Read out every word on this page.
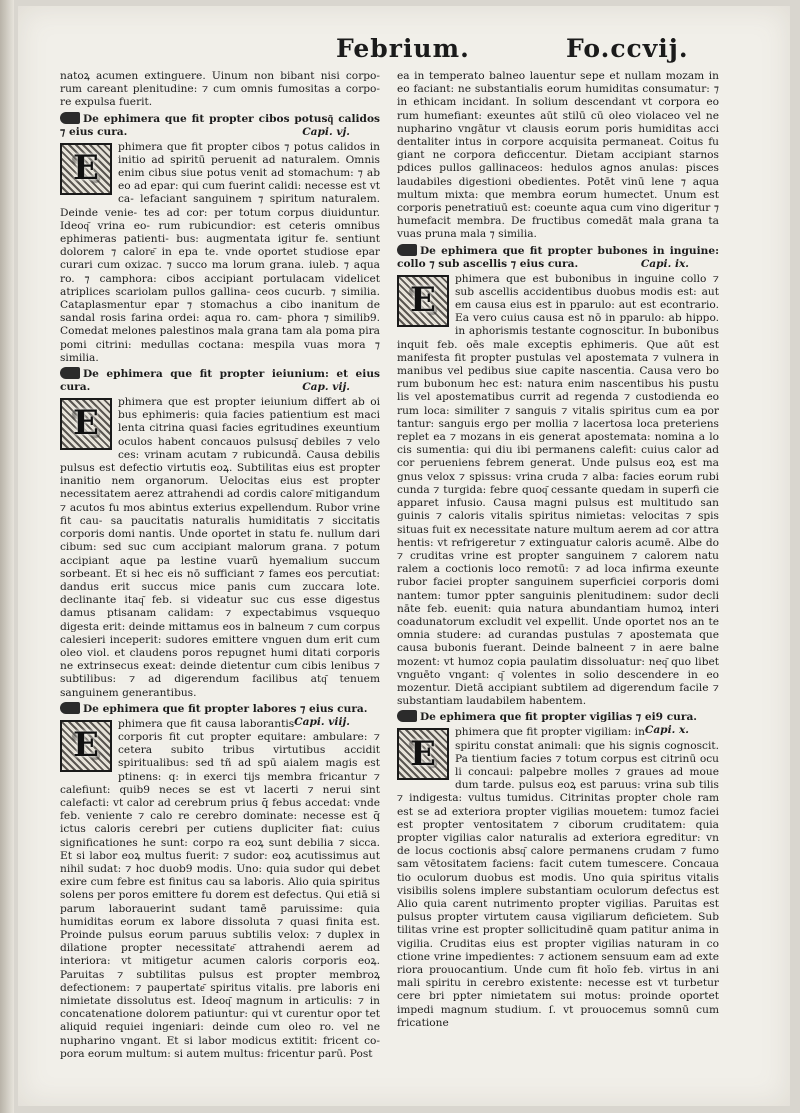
Febrium.	Fo.ccvij.

natoꝝ acumen extinguere. Uinum non bibant nisi corpo‑ rum careant plenitudine: ⁊ cum omnis fumositas a corpo‑ re expulsa fuerit.

De ephimera que fit propter cibos potusq͂ calidos ⁊ eius cura.	Capi. vj.
E

phimera que fit propter cibos ⁊ potus calidos in initio ad spiritū peruenit ad naturalem. Omnis enim cibus siue potus venit ad stomachum: ⁊ ab eo ad epar: qui cum fuerint calidi: necesse est vt ca‑ lefaciant sanguinem ⁊ spiritum naturalem. Deinde venie‑ tes ad cor: per totum corpus diuiduntur. Ideoq͂ vrina eo‑ rum rubicundior: est ceteris omnibus ephimeras patienti‑ bus: augmentata igitur fe. sentiunt dolorem ⁊ calore͂ in epa te. vnde oportet studiose epar curari cum oxizac. ⁊ succo ma lorum grana. iuleb. ⁊ aqua ro. ⁊ camphora: cibos accipiant portulacam videlicet atriplices scariolam pullos gallina‑ ceos cucurb. ⁊ similia. Cataplasmentur epar ⁊ stomachus a cibo inanitum de sandal rosis farina ordei: aqua ro. cam‑ phora ⁊ similib9. Comedat melones palestinos mala grana tam ala poma pira pomi citrini: medullas coctana: mespila vuas mora ⁊ similia.

De ephimera que fit propter ieiunium: et eius cura.	Cap. vij.
E

phimera que est propter ieiunium differt ab oi bus ephimeris: quia facies patientium est maci lenta citrina quasi facies egritudines exeuntium oculos habent concauos pulsusq͂ debiles ⁊ velo ces: vrinam acutam ⁊ rubicundā. Causa debilis pulsus est defectio virtutis eoꝝ. Subtilitas eius est propter inanitio nem organorum. Uelocitas eius est propter necessitatem aerez attrahendi ad cordis calore͂ mitigandum ⁊ acutos fu mos abintus exterius expellendum. Rubor vrine fit cau‑ sa paucitatis naturalis humiditatis ⁊ siccitatis corporis domi nantis. Unde oportet in statu fe. nullum dari cibum: sed suc cum accipiant malorum grana. ⁊ potum accipiant aque pa lestine vuarū hyemalium succum sorbeant. Et si hec eis nō sufficiant ⁊ fames eos percutiat: dandus erit succus mice panis cum zuccara lote. declinante itaq͂ feb. si videatur suc cus esse digestus damus ptisanam calidam: ⁊ expectabimus vsquequo digesta erit: deinde mittamus eos in balneum ⁊ cum corpus calesieri inceperit: sudores emittere vnguen dum erit cum oleo viol. et claudens poros repugnet humi ditati corporis ne extrinsecus exeat: deinde dietentur cum cibis lenibus ⁊ subtilibus: ⁊ ad digerendum facilibus atq͂ tenuem sanguinem generantibus.

De ephimera que fit propter labores ⁊ eius cura.
Capi. viij.
E

phimera que fit causa laborantis corporis fit cut propter equitare: ambulare: ⁊ cetera subito tribus virtutibus accidit spiritualibus: sed tñ ad spū aialem magis est ptinens: q: in exerci tijs membra fricantur ⁊ calefiunt: quib9 neces se est vt lacerti ⁊ nerui sint calefacti: vt calor ad cerebrum prius q̄ febus accedat: vnde feb. veniente ⁊ calo re cerebro dominate: necesse est q̄ ictus caloris cerebri per cutiens dupliciter fiat: cuius significationes he sunt: corpo ra eoꝝ sunt debilia ⁊ sicca. Et si labor eoꝝ multus fuerit: ⁊ sudor: eoꝝ acutissimus aut nihil sudat: ⁊ hoc duob9 modis. Uno: quia sudor qui debet exire cum febre est finitus cau sa laboris. Alio quia spiritus solens per poros emittere fu dorem est defectus. Qui etiā si parum laborauerint sudant tamē paruissime: quia humiditas eorum ex labore dissoluta ⁊ quasi finita est. Proinde pulsus eorum paruus subtilis velox: ⁊ duplex in dilatione propter necessitate͂ attrahendi aerem ad interiora: vt mitigetur acumen caloris corporis eoꝝ. Paruitas ⁊ subtilitas pulsus est propter membroꝝ defectionem: ⁊ paupertate͂ spiritus vitalis. pre laboris eni nimietate dissolutus est. Ideoq͂ magnum in articulis: ⁊ in concatenatione dolorem patiuntur: qui vt curentur opor tet aliquid requiei ingeniari: deinde cum oleo ro. vel ne nupharino vngant. Et si labor modicus extitit: fricent co‑ pora eorum multum: si autem multus: fricentur parū. Post

ea in temperato balneo lauentur sepe et nullam mozam in eo faciant: ne substantialis eorum humiditas consumatur: ⁊ in ethicam incidant. In solium descendant vt corpora eo rum humefiant: exeuntes aūt stilū cū oleo violaceo vel ne nupharino vngātur vt clausis eorum poris humiditas acci dentaliter intus in corpore acquisita permaneat. Coitus fu giant ne corpora deficcentur. Dietam accipiant starnos pdices pullos gallinaceos: hedulos agnos anulas: pisces laudabiles digestioni obedientes. Potēt vinū lene ⁊ aqua multum mixta: que membra eorum humectet. Unum est corporis penetratiuū est: coeunte aqua cum vino digeritur ⁊ humefacit membra. De fructibus comedāt mala grana ta vuas pruna mala ⁊ similia.

De ephimera que fit propter bubones in inguine: collo ⁊ sub ascellis ⁊ eius cura.	Capi. ix.
E

phimera que est bubonibus in inguine collo ⁊ sub ascellis accidentibus duobus modis est: aut em causa eius est in pparulo: aut est econtrario. Ea vero cuius causa est nō in pparulo: ab hippo. in aphorismis testante cognoscitur. In bubonibus inquit feb. oēs male exceptis ephimeris. Que aūt est manifesta fit propter pustulas vel apostemata ⁊ vulnera in manibus vel pedibus siue capite nascentia. Causa vero bo rum bubonum hec est: natura enim nascentibus his pustu lis vel apostematibus currit ad regenda ⁊ custodienda eo rum loca: similiter ⁊ sanguis ⁊ vitalis spiritus cum ea por tantur: sanguis ergo per mollia ⁊ lacertosa loca preteriens replet ea ⁊ mozans in eis generat apostemata: nomina a lo cis sumentia: qui diu ibi permanens calefit: cuius calor ad cor perueniens febrem generat. Unde pulsus eoꝝ est ma gnus velox ⁊ spissus: vrina cruda ⁊ alba: facies eorum rubi cunda ⁊ turgida: febre quoq͂ cessante quedam in superfi cie apparet infusio. Causa magni pulsus est multitudo san guinis ⁊ caloris vitalis spiritus nimietas: velocitas ⁊ spis situas fuit ex necessitate nature multum aerem ad cor attra hentis: vt refrigeretur ⁊ extinguatur caloris acumē. Albe do ⁊ cruditas vrine est propter sanguinem ⁊ calorem natu ralem a coctionis loco remotū: ⁊ ad loca infirma exeunte rubor faciei propter sanguinem superficiei corporis domi nantem: tumor ppter sanguinis plenitudinem: sudor decli nāte feb. euenit: quia natura abundantiam humoꝝ interi coadunatorum excludit vel expellit. Unde oportet nos an te omnia studere: ad curandas pustulas ⁊ apostemata que causa bubonis fuerant. Deinde balneent ⁊ in aere balne mozent: vt humoz copia paulatim dissoluatur: neq͂ quo libet vnguēto vngant: q͂ volentes in solio descendere in eo mozentur. Dietā accipiant subtilem ad digerendum facile ⁊ substantiam laudabilem habentem.

De ephimera que fit propter vigilias ⁊ ei9 cura.
Capi. x.
E

phimera que fit propter vigiliam: in spiritu constat animali: que his signis cognoscit. Pa tientium facies ⁊ totum corpus est citrinū ocu li concaui: palpebre molles ⁊ graues ad moue dum tarde. pulsus eoꝝ est paruus: vrina sub tilis ⁊ indigesta: vultus tumidus. Citrinitas propter chole ram est se ad exteriora propter vigilias mouetem: tumoz faciei est propter ventositatem ⁊ ciborum cruditatem: quia propter vigilias calor naturalis ad exteriora egreditur: vn de locus coctionis absq͂ calore permanens crudam ⁊ fumo sam vētositatem faciens: facit cutem tumescere. Concaua tio oculorum duobus est modis. Uno quia spiritus vitalis visibilis solens implere substantiam oculorum defectus est Alio quia carent nutrimento propter vigilias. Paruitas est pulsus propter virtutem causa vigiliarum deficietem. Sub tilitas vrine est propter sollicitudinē quam patitur anima in vigilia. Cruditas eius est propter vigilias naturam in co ctione vrine impedientes: ⁊ actionem sensuum eam ad exte riora prouocantium. Unde cum fit hoīo feb. virtus in ani mali spiritu in cerebro existente: necesse est vt turbetur cere bri ppter nimietatem sui motus: proinde oportet impedi magnum studium. ſ. vt prouocemus somnū cum fricatione
